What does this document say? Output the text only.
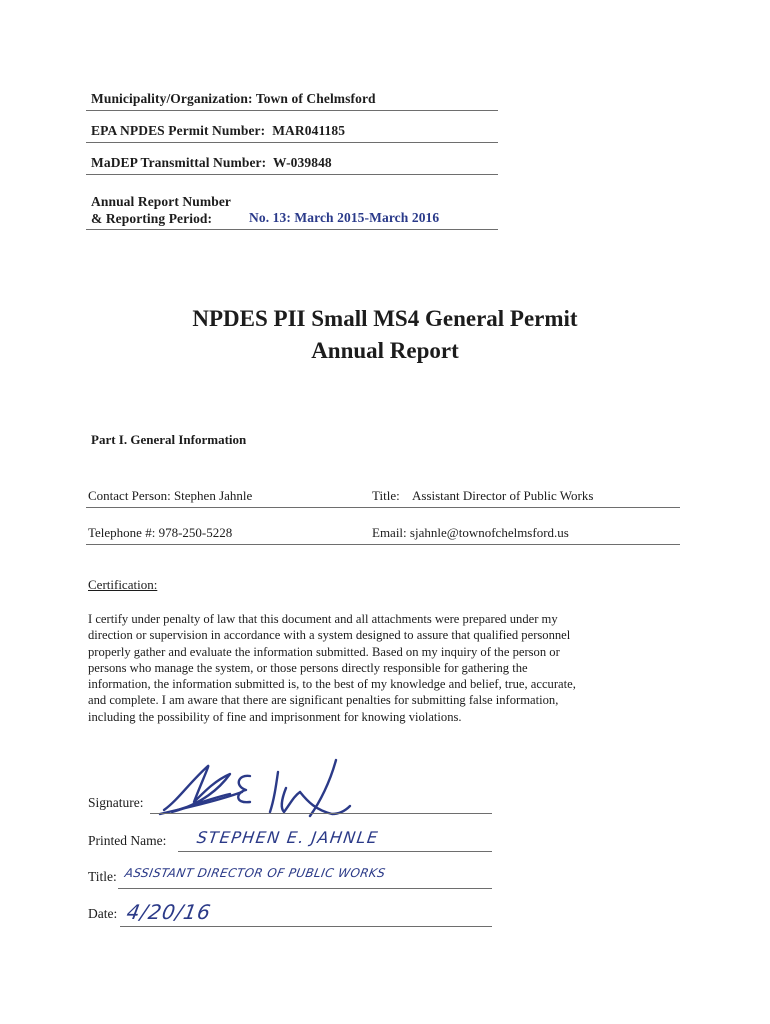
Municipality/Organization: Town of Chelmsford
EPA NPDES Permit Number: MAR041185
MaDEP Transmittal Number: W-039848
Annual Report Number
& Reporting Period:	No. 13: March 2015-March 2016
NPDES PII Small MS4 General Permit
Annual Report
Part I. General Information
Contact Person: Stephen Jahnle	Title: Assistant Director of Public Works
Telephone #: 978-250-5228	Email: sjahnle@townofchelmsford.us
Certification:
I certify under penalty of law that this document and all attachments were prepared under my
direction or supervision in accordance with a system designed to assure that qualified personnel
properly gather and evaluate the information submitted. Based on my inquiry of the person or
persons who manage the system, or those persons directly responsible for gathering the
information, the information submitted is, to the best of my knowledge and belief, true, accurate,
and complete. I am aware that there are significant penalties for submitting false information,
including the possibility of fine and imprisonment for knowing violations.
Signature:
Printed Name: STEPHEN E. JAHNLE
Title: ASSISTANT DIRECTOR OF PUBLIC WORKS
Date: 4/20/16
